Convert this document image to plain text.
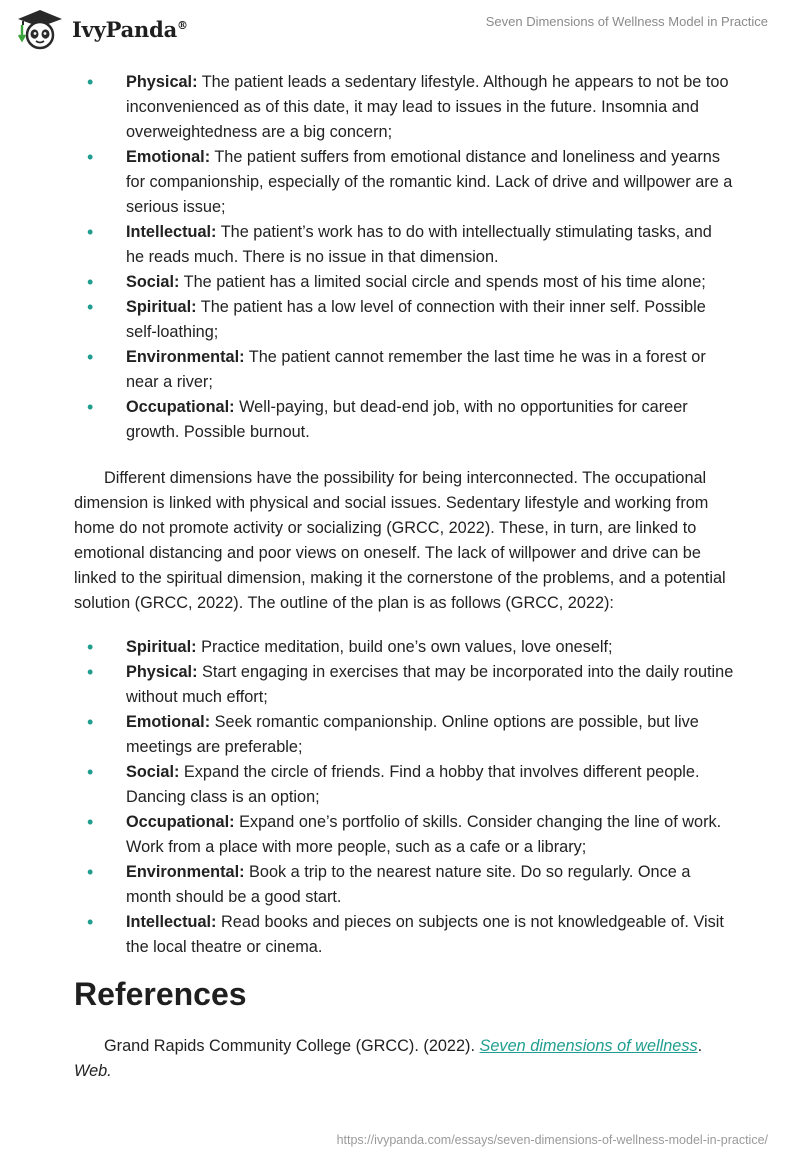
IvyPanda®	Seven Dimensions of Wellness Model in Practice
• Physical: The patient leads a sedentary lifestyle. Although he appears to not be too inconvenienced as of this date, it may lead to issues in the future. Insomnia and overweightedness are a big concern;
• Emotional: The patient suffers from emotional distance and loneliness and yearns for companionship, especially of the romantic kind. Lack of drive and willpower are a serious issue;
• Intellectual: The patient’s work has to do with intellectually stimulating tasks, and he reads much. There is no issue in that dimension.
• Social: The patient has a limited social circle and spends most of his time alone;
• Spiritual: The patient has a low level of connection with their inner self. Possible self-loathing;
• Environmental: The patient cannot remember the last time he was in a forest or near a river;
• Occupational: Well-paying, but dead-end job, with no opportunities for career growth. Possible burnout.

Different dimensions have the possibility for being interconnected. The occupational dimension is linked with physical and social issues. Sedentary lifestyle and working from home do not promote activity or socializing (GRCC, 2022). These, in turn, are linked to emotional distancing and poor views on oneself. The lack of willpower and drive can be linked to the spiritual dimension, making it the cornerstone of the problems, and a potential solution (GRCC, 2022). The outline of the plan is as follows (GRCC, 2022):

• Spiritual: Practice meditation, build one’s own values, love oneself;
• Physical: Start engaging in exercises that may be incorporated into the daily routine without much effort;
• Emotional: Seek romantic companionship. Online options are possible, but live meetings are preferable;
• Social: Expand the circle of friends. Find a hobby that involves different people. Dancing class is an option;
• Occupational: Expand one’s portfolio of skills. Consider changing the line of work. Work from a place with more people, such as a cafe or a library;
• Environmental: Book a trip to the nearest nature site. Do so regularly. Once a month should be a good start.
• Intellectual: Read books and pieces on subjects one is not knowledgeable of. Visit the local theatre or cinema.
References

Grand Rapids Community College (GRCC). (2022). Seven dimensions of wellness. Web.

https://ivypanda.com/essays/seven-dimensions-of-wellness-model-in-practice/
